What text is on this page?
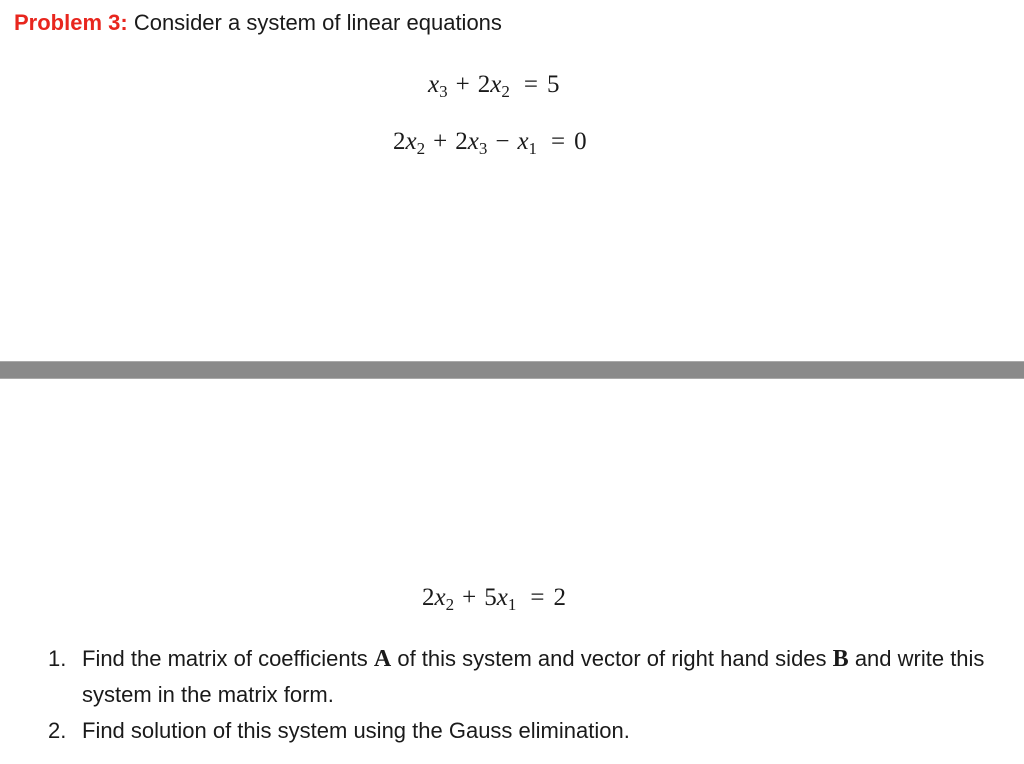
Problem 3: Consider a system of linear equations
$x_3 + 2x_2 = 5$
$2x_2 + 2x_3 - x_1 = 0$
$2x_2 + 5x_1 = 2$
1. Find the matrix of coefficients A of this system and vector of right hand sides B and write this system in the matrix form.
2. Find solution of this system using the Gauss elimination.
